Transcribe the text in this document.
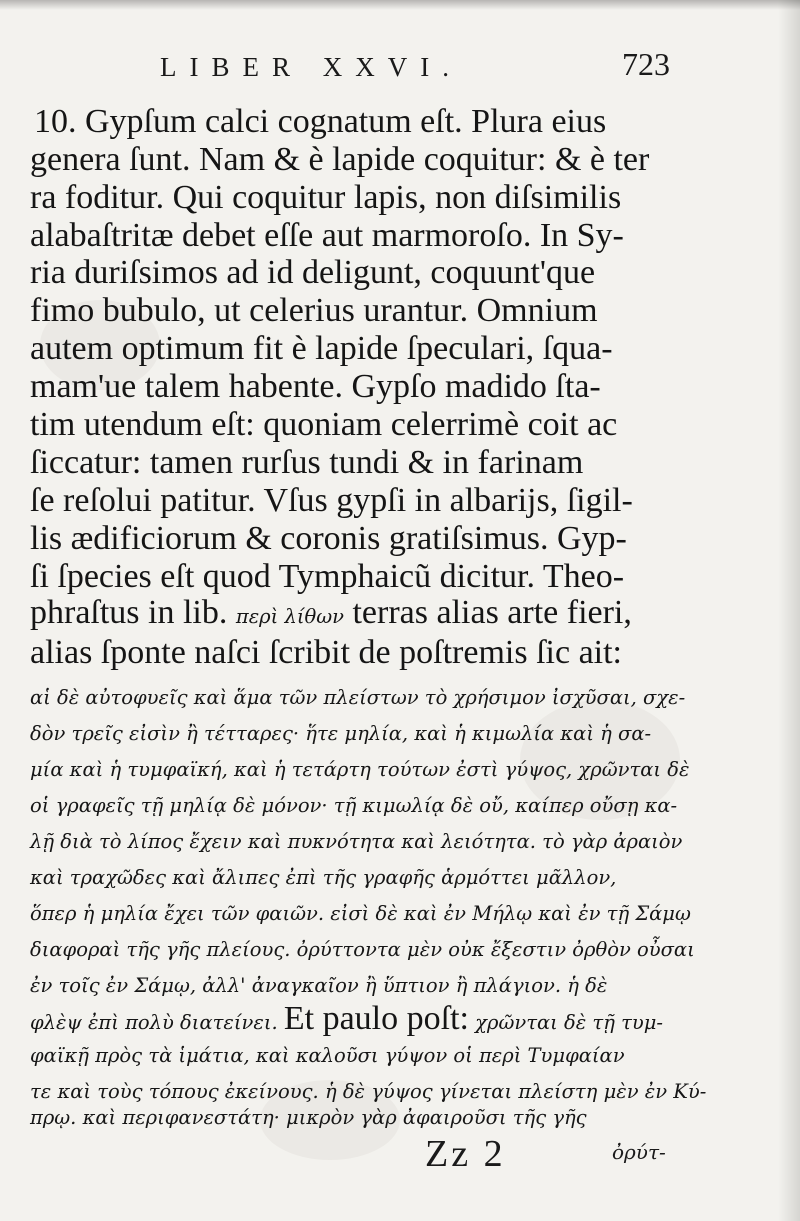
LIBER XXVI.	723
10. Gypſum calci cognatum eſt. Plura eius
genera ſunt. Nam & è lapide coquitur: & è ter
ra foditur. Qui coquitur lapis, non diſsimilis
alabaſtritæ debet eſſe aut marmoroſo. In Sy-
ria duriſsimos ad id deligunt, coquunt'que
fimo bubulo, ut celerius urantur. Omnium
autem optimum fit è lapide ſpeculari, ſqua-
mam'ue talem habente. Gypſo madido ſta-
tim utendum eſt: quoniam celerrimè coit ac
ſiccatur: tamen rurſus tundi & in farinam
ſe reſolui patitur. Vſus gypſi in albarijs, ſigil-
lis ædificiorum & coronis gratiſsimus. Gyp-
ſi ſpecies eſt quod Tymphaicũ dicitur. Theo-
phraſtus in lib. περὶ λίθων terras alias arte fieri,
alias ſponte naſci ſcribit de poſtremis ſic ait:
αἱ δὲ αὐτοφυεῖς καὶ ἅμα τῶν πλείστων τὸ χρήσιμον ἰσχῦσαι, σχε-
δὸν τρεῖς εἰσὶν ἢ τέτταρες· ἥτε μηλία, καὶ ἡ κιμωλία καὶ ἡ σα-
μία καὶ ἡ τυμφαϊκή, καὶ ἡ τετάρτη τούτων ἐστὶ γύψος, χρῶνται δὲ
οἱ γραφεῖς τῇ μηλίᾳ δὲ μόνον· τῇ κιμωλίᾳ δὲ οὔ, καίπερ οὔσῃ κα-
λῇ διὰ τὸ λίπος ἔχειν καὶ πυκνότητα καὶ λειότητα. τὸ γὰρ ἀραιὸν
καὶ τραχῶδες καὶ ἄλιπες ἐπὶ τῆς γραφῆς ἁρμόττει μᾶλλον,
ὅπερ ἡ μηλία ἔχει τῶν φαιῶν. εἰσὶ δὲ καὶ ἐν Μήλῳ καὶ ἐν τῇ Σάμῳ
διαφοραὶ τῆς γῆς πλείους. ὀρύττοντα μὲν οὐκ ἔξεστιν ὀρθὸν οὖσαι
ἐν τοῖς ἐν Σάμῳ, ἀλλ' ἀναγκαῖον ἢ ὕπτιον ἢ πλάγιον. ἡ δὲ
φλὲψ ἐπὶ πολὺ διατείνει. Et paulo poſt: χρῶνται δὲ τῇ τυμ-
φαϊκῇ πρὸς τὰ ἱμάτια, καὶ καλοῦσι γύψον οἱ περὶ Τυμφαίαν
τε καὶ τοὺς τόπους ἐκείνους. ἡ δὲ γύψος γίνεται πλείστη μὲν ἐν Κύ-
πρῳ. καὶ περιφανεστάτη· μικρὸν γὰρ ἀφαιροῦσι τῆς γῆς
Zz 2	ὀρύτ-
